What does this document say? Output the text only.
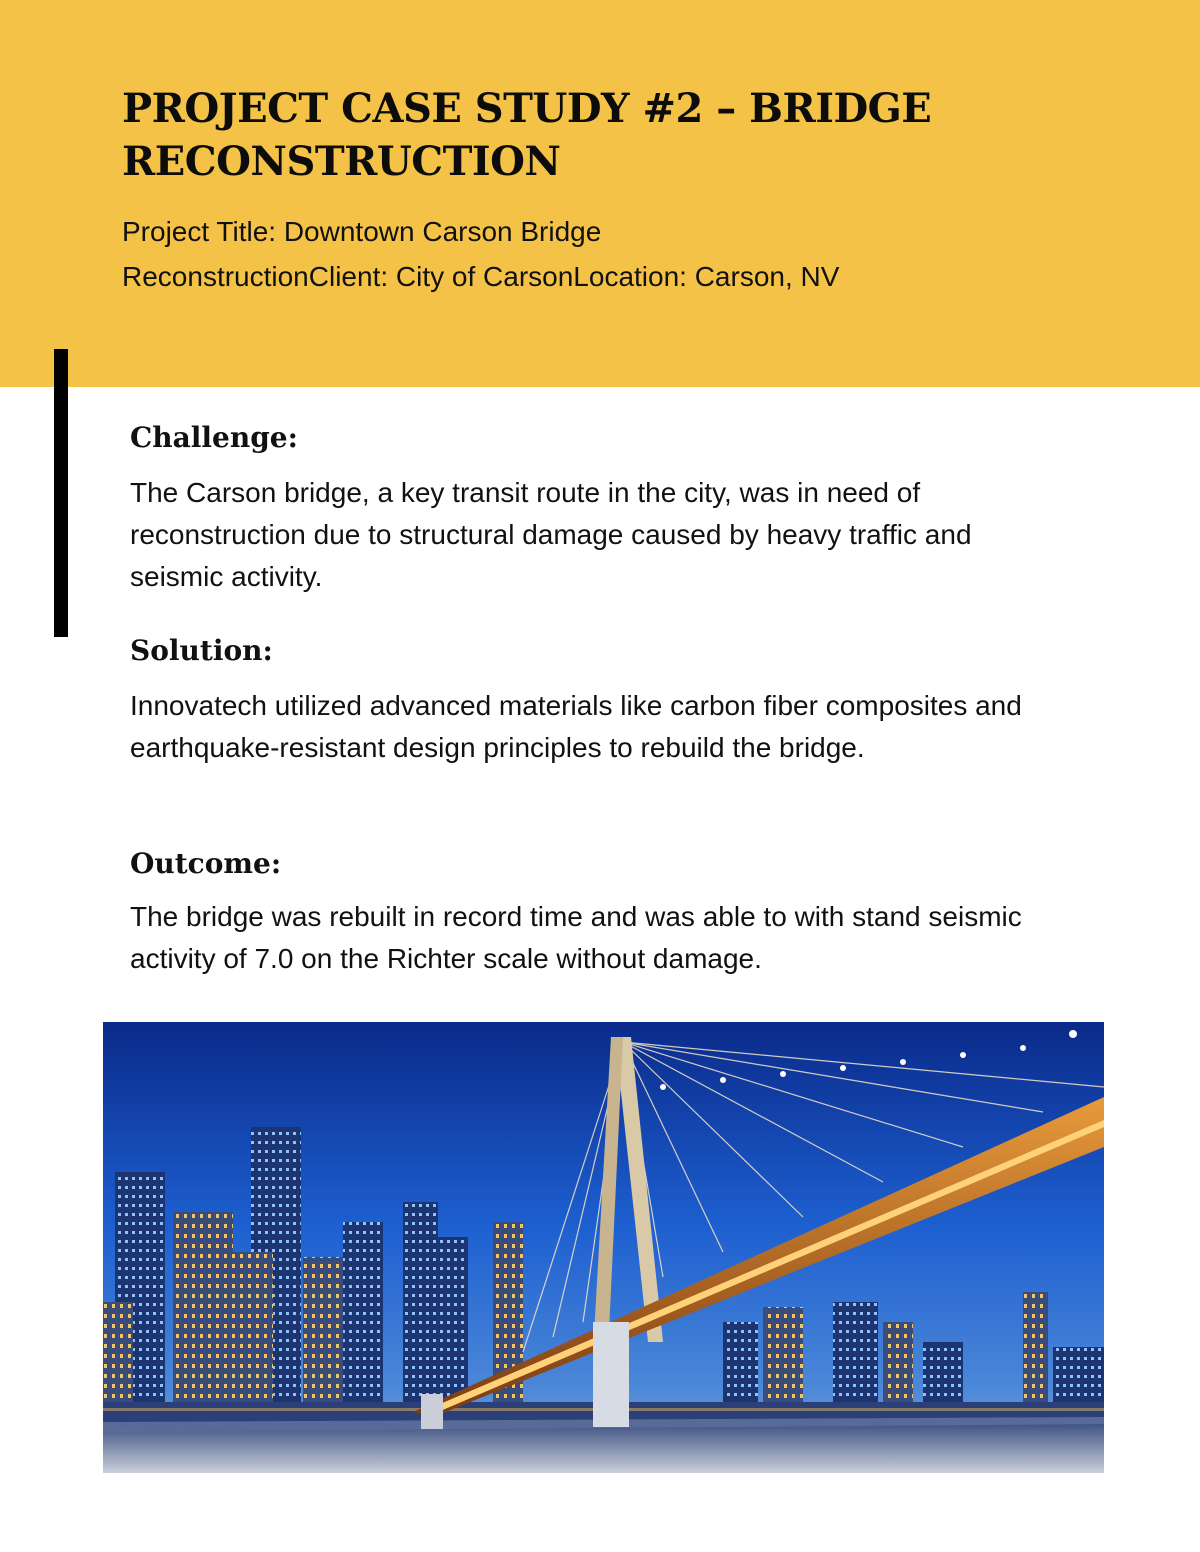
PROJECT CASE STUDY #2 – BRIDGE RECONSTRUCTION
Project Title: Downtown Carson Bridge
ReconstructionClient: City of CarsonLocation: Carson, NV
Challenge:

The Carson bridge, a key transit route in the city, was in need of reconstruction due to structural damage caused by heavy traffic and seismic activity.

Solution:

Innovatech utilized advanced materials like carbon fiber composites and earthquake-resistant design principles to rebuild the bridge.

Outcome:

The bridge was rebuilt in record time and was able to with stand seismic activity of 7.0 on the Richter scale without damage.
